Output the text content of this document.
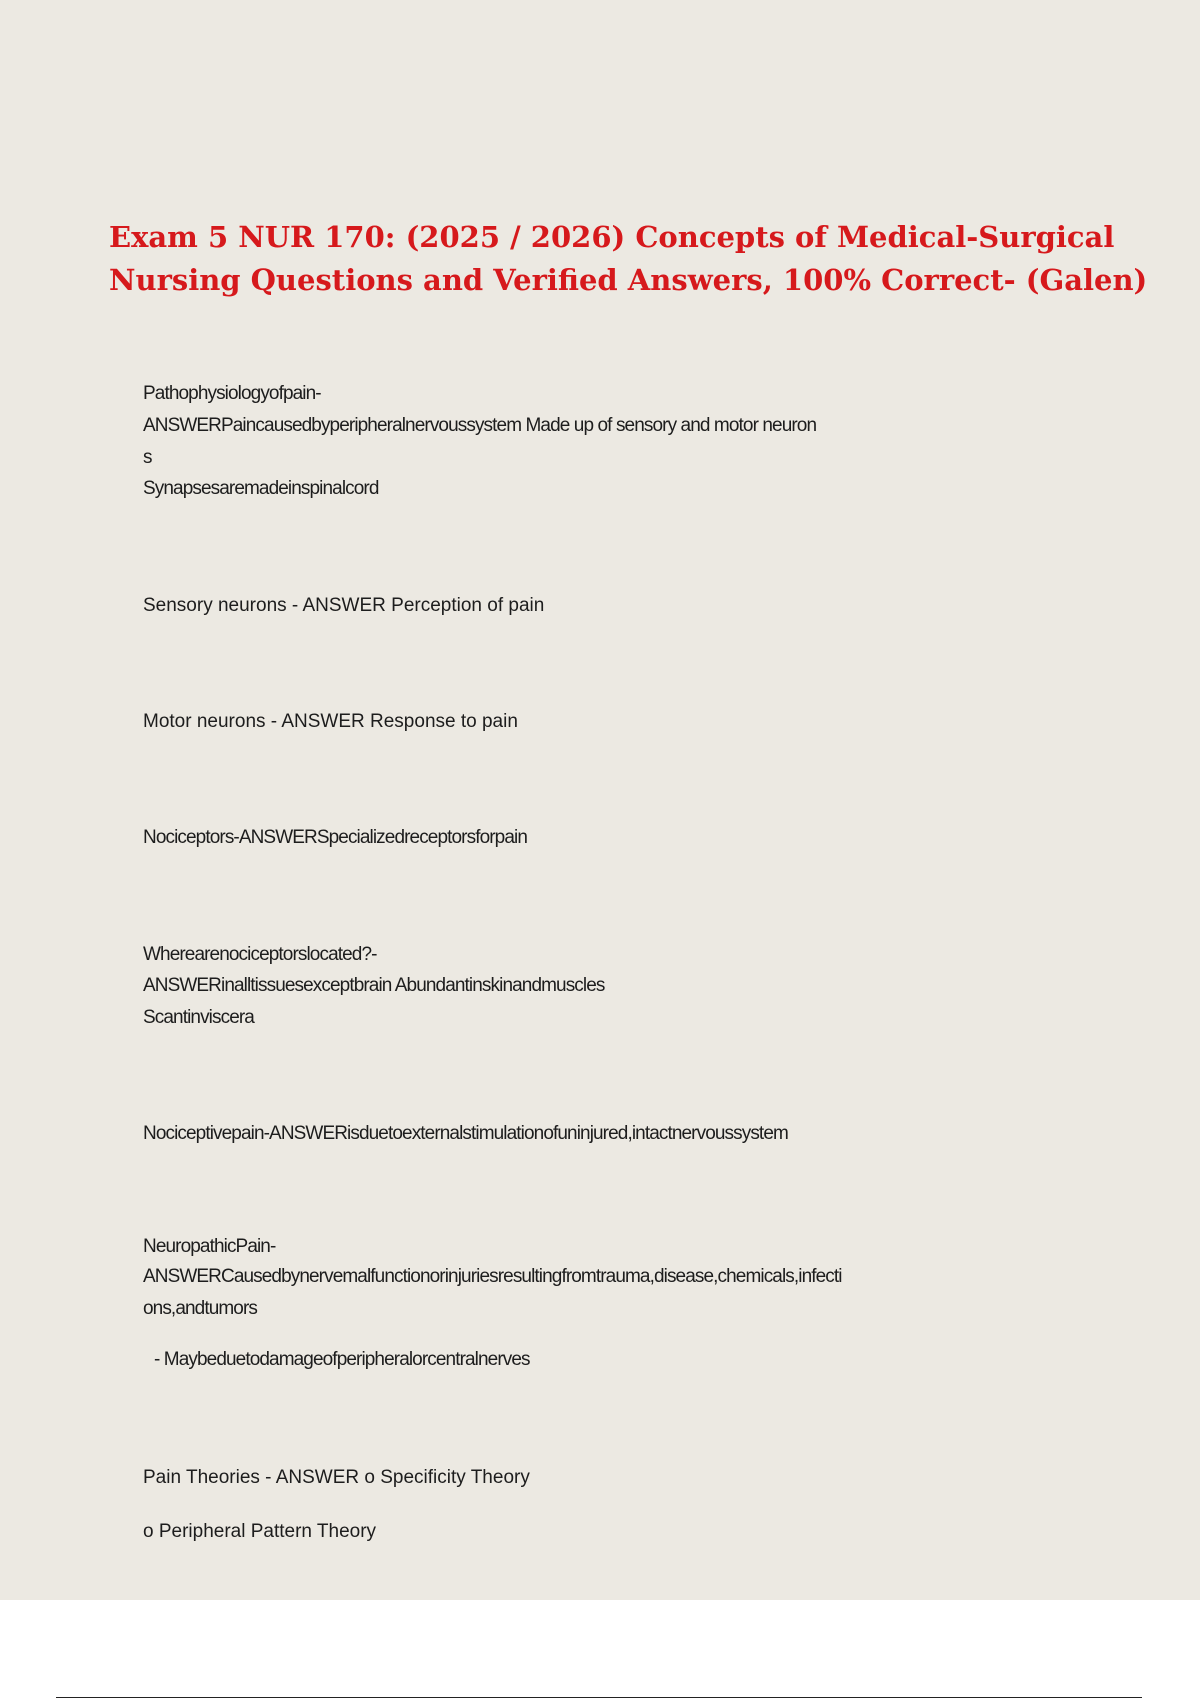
Exam 5 NUR 170: (2025 / 2026) Concepts of Medical-Surgical
Nursing Questions and Verified Answers, 100% Correct- (Galen)

Pathophysiologyofpain-

ANSWERPaincausedbyperipheralnervoussystem Made up of sensory and motor neuron

s

Synapsesaremadeinspinalcord

Sensory neurons - ANSWER Perception of pain

Motor neurons - ANSWER Response to pain

Nociceptors-ANSWERSpecializedreceptorsforpain

Wherearenociceptorslocated?-

ANSWERinalltissuesexceptbrain Abundantinskinandmuscles

Scantinviscera

Nociceptivepain-ANSWERisduetoexternalstimulationofuninjured,intactnervoussystem

NeuropathicPain-

ANSWERCausedbynervemalfunctionorinjuriesresultingfromtrauma,disease,chemicals,infecti

ons,andtumors

- Maybeduetodamageofperipheralorcentralnerves

Pain Theories - ANSWER o Specificity Theory

o Peripheral Pattern Theory
